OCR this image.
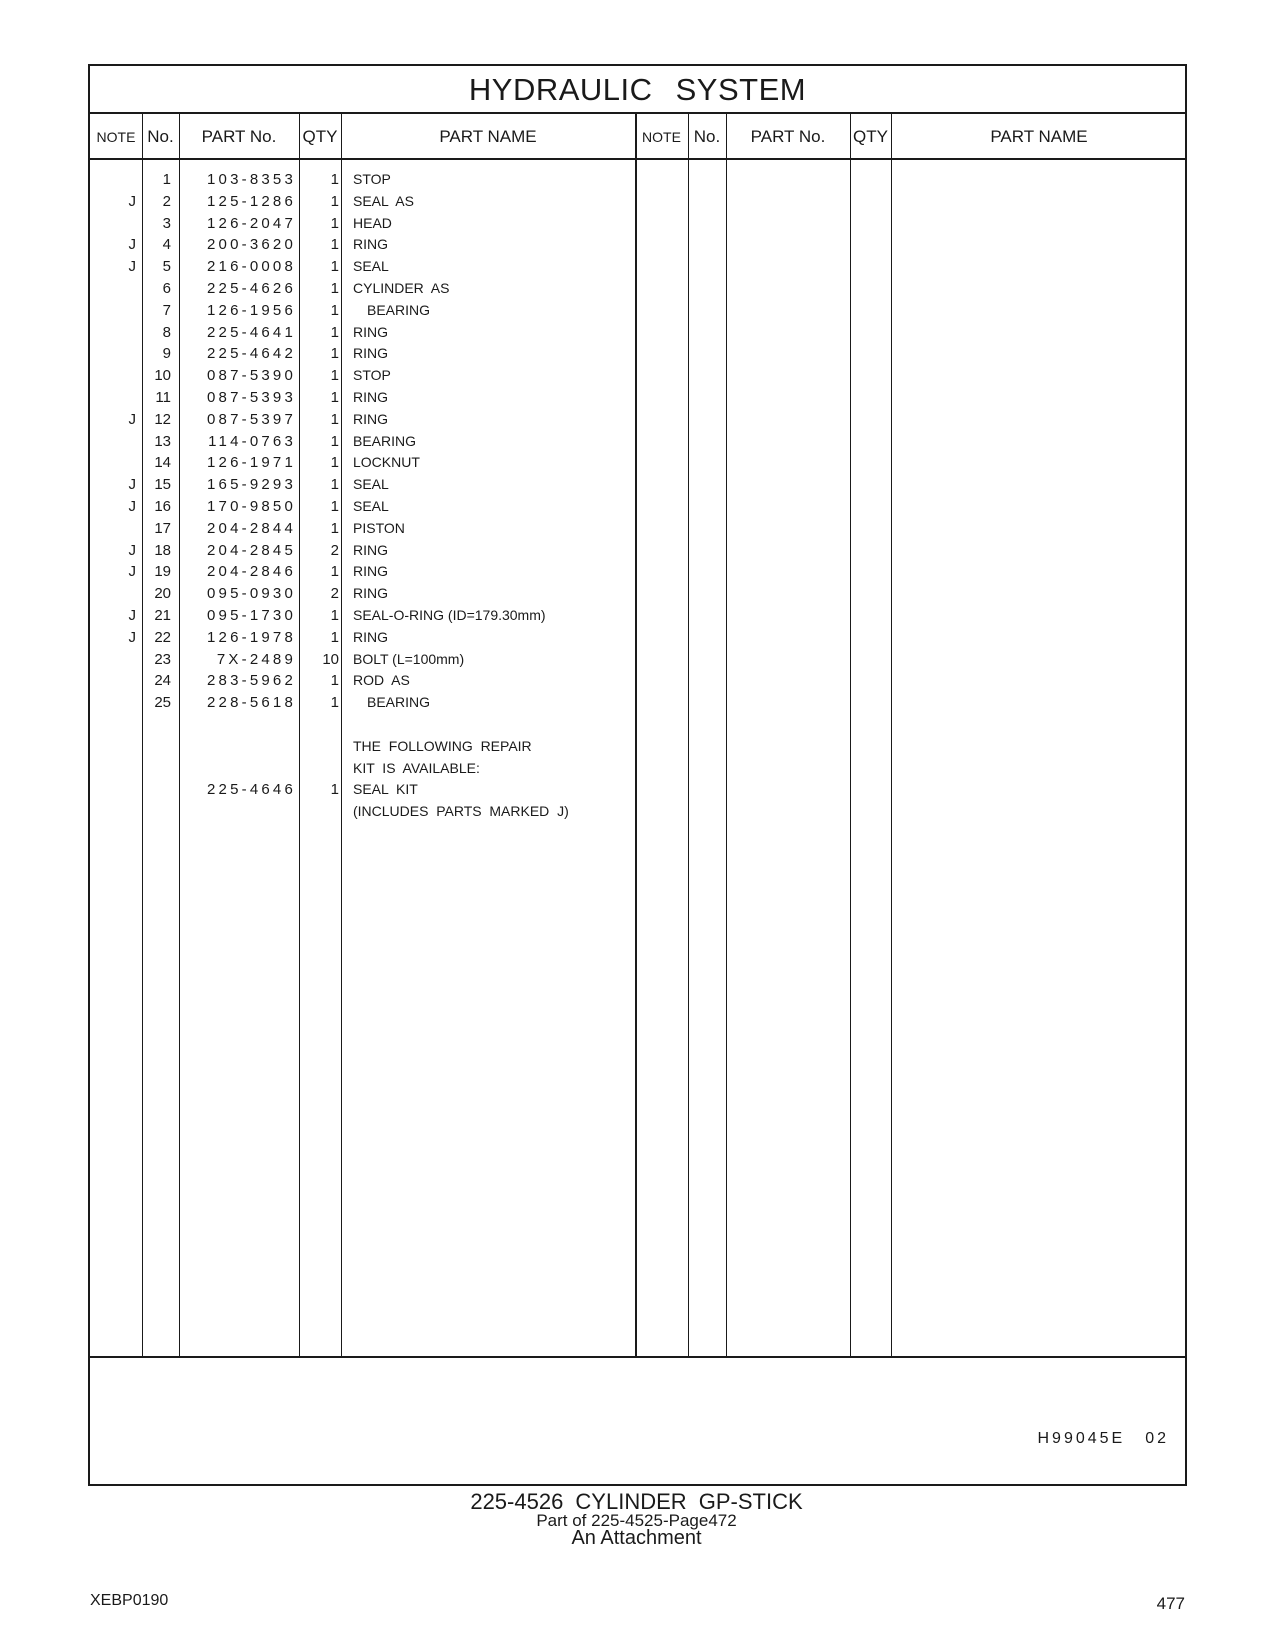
HYDRAULIC SYSTEM
NOTE No.	PART No.	QTY	PART NAME	NOTE No.	PART No.	QTY	PART NAME
1	103-8353	1 STOP
J	2	125-1286	1 SEAL  AS
3	126-2047	1 HEAD
J	4	200-3620	1 RING
J	5	216-0008	1 SEAL
6	225-4626	1 CYLINDER  AS
7	126-1956	1	BEARING
8	225-4641	1 RING
9	225-4642	1 RING
10	087-5390	1 STOP
11	087-5393	1 RING
J	12	087-5397	1 RING
13	114-0763	1 BEARING
14	126-1971	1 LOCKNUT
J	15	165-9293	1 SEAL
J	16	170-9850	1 SEAL
17	204-2844	1 PISTON
J	18	204-2845	2 RING
J	19	204-2846	1 RING
20	095-0930	2 RING
J	21	095-1730	1 SEAL-O-RING (ID=179.30mm)
J	22	126-1978	1 RING
23	7X-2489	10 BOLT (L=100mm)
24	283-5962	1 ROD  AS
25	228-5618	1	BEARING
THE  FOLLOWING  REPAIR
KIT  IS  AVAILABLE:
225-4646	1 SEAL  KIT
(INCLUDES  PARTS  MARKED  J)
H99045E 02
225-4526 CYLINDER GP-STICK
Part of 225-4525-Page472
An Attachment
XEBP0190	477
